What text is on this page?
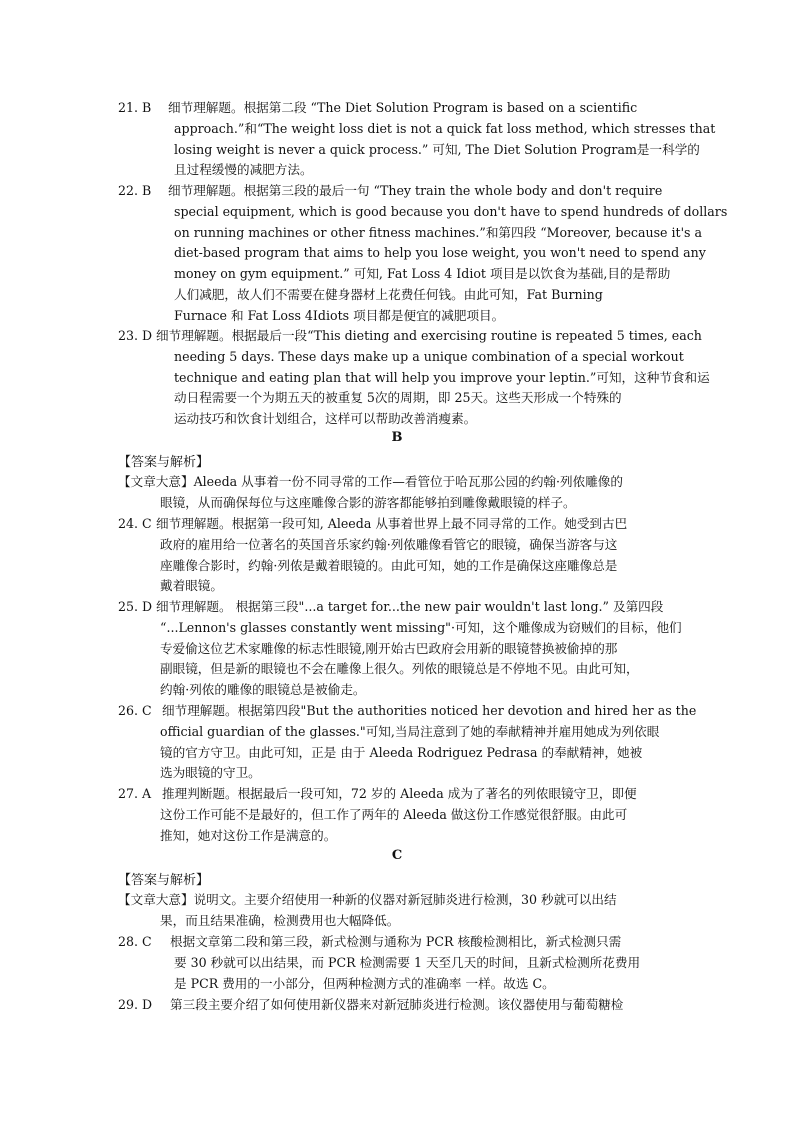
21. B 细节理解题。根据第二段 “The Diet Solution Program is based on a scientific
approach.”和“The weight loss diet is not a quick fat loss method, which stresses that
losing weight is never a quick process.” 可知, The Diet Solution Program是一科学的
且过程缓慢的减肥方法。
22. B 细节理解题。根据第三段的最后一句 “They train the whole body and don't require
special equipment, which is good because you don't have to spend hundreds of dollars
on running machines or other fitness machines.”和第四段 “Moreover, because it's a
diet-based program that aims to help you lose weight, you won't need to spend any
money on gym equipment.” 可知, Fat Loss 4 Idiot 项目是以饮食为基础,目的是帮助
人们减肥，故人们不需要在健身器材上花费任何钱。由此可知，Fat Burning
Furnace 和 Fat Loss 4Idiots 项目都是便宜的减肥项目。
23. D 细节理解题。根据最后一段“This dieting and exercising routine is repeated 5 times, each
needing 5 days. These days make up a unique combination of a special workout
technique and eating plan that will help you improve your leptin.”可知，这种节食和运
动日程需要一个为期五天的被重复 5次的周期，即 25天。这些天形成一个特殊的
运动技巧和饮食计划组合，这样可以帮助改善消瘦素。
B
【答案与解析】
【文章大意】Aleeda 从事着一份不同寻常的工作—看管位于哈瓦那公园的约翰·列侬雕像的
眼镜，从而确保每位与这座雕像合影的游客都能够拍到雕像戴眼镜的样子。
24. C 细节理解题。根据第一段可知, Aleeda 从事着世界上最不同寻常的工作。她受到古巴
政府的雇用给一位著名的英国音乐家约翰·列侬雕像看管它的眼镜，确保当游客与这
座雕像合影时，约翰·列侬是戴着眼镜的。由此可知，她的工作是确保这座雕像总是
戴着眼镜。
25. D 细节理解题。 根据第三段"...a target for...the new pair wouldn't last long.” 及第四段
“...Lennon's glasses constantly went missing"·可知，这个雕像成为窃贼们的目标，他们
专爱偷这位艺术家雕像的标志性眼镜,刚开始古巴政府会用新的眼镜替换被偷掉的那
副眼镜，但是新的眼镜也不会在雕像上很久。列侬的眼镜总是不停地不见。由此可知，
约翰·列侬的雕像的眼镜总是被偷走。
26. C 细节理解题。根据第四段"But the authorities noticed her devotion and hired her as the
official guardian of the glasses."可知,当局注意到了她的奉献精神并雇用她成为列依眼
镜的官方守卫。由此可知，正是 由于 Aleeda Rodriguez Pedrasa 的奉献精神，她被
选为眼镜的守卫。
27. A 推理判断题。根据最后一段可知，72 岁的 Aleeda 成为了著名的列侬眼镜守卫，即便
这份工作可能不是最好的，但工作了两年的 Aleeda 做这份工作感觉很舒服。由此可
推知，她对这份工作是满意的。
C
【答案与解析】
【文章大意】说明文。主要介绍使用一种新的仪器对新冠肺炎进行检测，30 秒就可以出结
果，而且结果准确，检测费用也大幅降低。
28. C 根据文章第二段和第三段，新式检测与通称为 PCR 核酸检测相比，新式检测只需
要 30 秒就可以出结果，而 PCR 检测需要 1 天至几天的时间，且新式检测所花费用
是 PCR 费用的一小部分，但两种检测方式的准确率 一样。故选 C。
29. D 第三段主要介绍了如何使用新仪器来对新冠肺炎进行检测。该仪器使用与葡萄糖检
